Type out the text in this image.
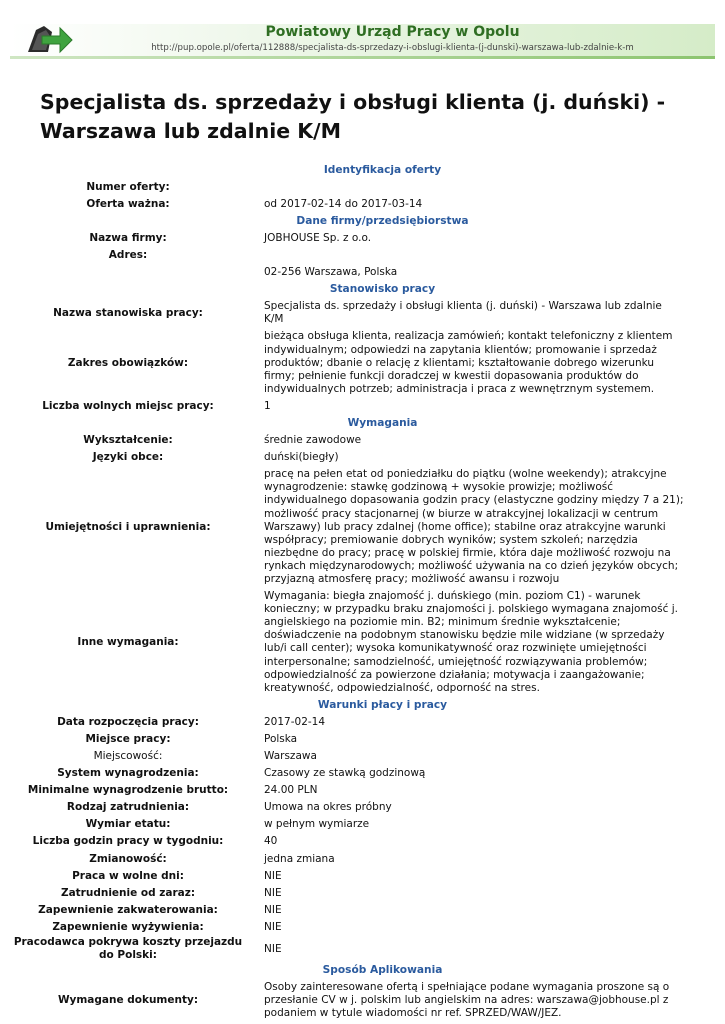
Powiatowy Urząd Pracy w Opolu
http://pup.opole.pl/oferta/112888/specjalista-ds-sprzedazy-i-obslugi-klienta-(j-dunski)-warszawa-lub-zdalnie-k-m
Specjalista ds. sprzedaży i obsługi klienta (j. duński) - Warszawa lub zdalnie K/M
Identyfikacja oferty
Numer oferty:
Oferta ważna:	od 2017-02-14 do 2017-03-14
Dane firmy/przedsiębiorstwa
Nazwa firmy:	JOBHOUSE Sp. z o.o.
Adres:
02-256 Warszawa, Polska
Stanowisko pracy
Nazwa stanowiska pracy:
Specjalista ds. sprzedaży i obsługi klienta (j. duński) - Warszawa lub zdalnie K/M
Zakres obowiązków:
bieżąca obsługa klienta, realizacja zamówień; kontakt telefoniczny z klientem indywidualnym; odpowiedzi na zapytania klientów; promowanie i sprzedaż produktów; dbanie o relację z klientami; kształtowanie dobrego wizerunku firmy; pełnienie funkcji doradczej w kwestii dopasowania produktów do indywidualnych potrzeb; administracja i praca z wewnętrznym systemem.
Liczba wolnych miejsc pracy:	1
Wymagania
Wykształcenie:	średnie zawodowe
Języki obce:	duński(biegły)
Umiejętności i uprawnienia:
pracę na pełen etat od poniedziałku do piątku (wolne weekendy); atrakcyjne wynagrodzenie: stawkę godzinową + wysokie prowizje; możliwość indywidualnego dopasowania godzin pracy (elastyczne godziny między 7 a 21); możliwość pracy stacjonarnej (w biurze w atrakcyjnej lokalizacji w centrum Warszawy) lub pracy zdalnej (home office); stabilne oraz atrakcyjne warunki współpracy; premiowanie dobrych wyników; system szkoleń; narzędzia niezbędne do pracy; pracę w polskiej firmie, która daje możliwość rozwoju na rynkach międzynarodowych; możliwość używania na co dzień języków obcych; przyjazną atmosferę pracy; możliwość awansu i rozwoju
Inne wymagania:
Wymagania: biegła znajomość j. duńskiego (min. poziom C1) - warunek konieczny; w przypadku braku znajomości j. polskiego wymagana znajomość j. angielskiego na poziomie min. B2; minimum średnie wykształcenie; doświadczenie na podobnym stanowisku będzie mile widziane (w sprzedaży lub/i call center); wysoka komunikatywność oraz rozwinięte umiejętności interpersonalne; samodzielność, umiejętność rozwiązywania problemów; odpowiedzialność za powierzone działania; motywacja i zaangażowanie; kreatywność, odpowiedzialność, odporność na stres.
Warunki płacy i pracy
Data rozpoczęcia pracy:	2017-02-14
Miejsce pracy:	Polska
Miejscowość:	Warszawa
System wynagrodzenia:	Czasowy ze stawką godzinową
Minimalne wynagrodzenie brutto:	24.00 PLN
Rodzaj zatrudnienia:	Umowa na okres próbny
Wymiar etatu:	w pełnym wymiarze
Liczba godzin pracy w tygodniu:	40
Zmianowość:	jedna zmiana
Praca w wolne dni:	NIE
Zatrudnienie od zaraz:	NIE
Zapewnienie zakwaterowania:	NIE
Zapewnienie wyżywienia:	NIE
Pracodawca pokrywa koszty przejazdu do Polski:
NIE
Sposób Aplikowania
Wymagane dokumenty:
Osoby zainteresowane ofertą i spełniające podane wymagania proszone są o przesłanie CV w j. polskim lub angielskim na adres: warszawa@jobhouse.pl z podaniem w tytule wiadomości nr ref. SPRZED/WAW/JEZ.
